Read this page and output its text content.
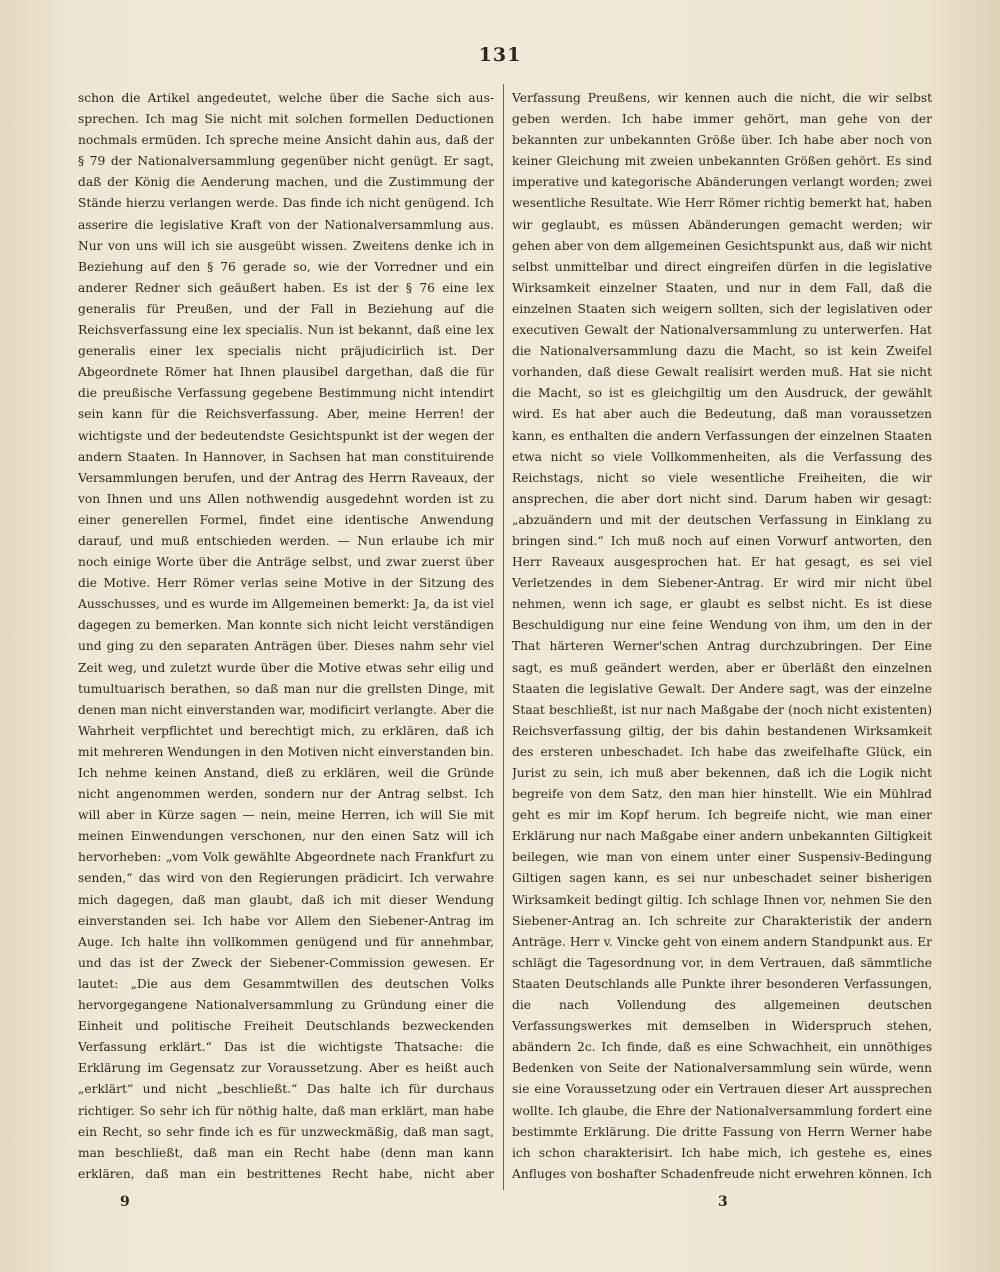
131

schon die Artikel angedeutet, welche über die Sache sich aus-sprechen. Ich mag Sie nicht mit solchen formellen Deductionen nochmals ermüden. Ich spreche meine Ansicht dahin aus, daß der § 79 der Nationalversammlung gegenüber nicht genügt. Er sagt, daß der König die Aenderung machen, und die Zustimmung der Stände hierzu verlangen werde. Das finde ich nicht genügend. Ich asserire die legislative Kraft von der Nationalversammlung aus. Nur von uns will ich sie ausgeübt wissen. Zweitens denke ich in Beziehung auf den § 76 gerade so, wie der Vorredner und ein anderer Redner sich geäußert haben. Es ist der § 76 eine lex generalis für Preußen, und der Fall in Beziehung auf die Reichsverfassung eine lex specialis. Nun ist bekannt, daß eine lex generalis einer lex specialis nicht präjudicirlich ist. Der Abgeordnete Römer hat Ihnen plausibel dargethan, daß die für die preußische Verfassung gegebene Bestimmung nicht intendirt sein kann für die Reichsverfassung. Aber, meine Herren! der wichtigste und der bedeutendste Gesichtspunkt ist der wegen der andern Staaten. In Hannover, in Sachsen hat man constituirende Versammlungen berufen, und der Antrag des Herrn Raveaux, der von Ihnen und uns Allen nothwendig ausgedehnt worden ist zu einer generellen Formel, findet eine identische Anwendung darauf, und muß entschieden werden. — Nun erlaube ich mir noch einige Worte über die Anträge selbst, und zwar zuerst über die Motive. Herr Römer verlas seine Motive in der Sitzung des Ausschusses, und es wurde im Allgemeinen bemerkt: Ja, da ist viel dagegen zu bemerken. Man konnte sich nicht leicht verständigen und ging zu den separaten Anträgen über. Dieses nahm sehr viel Zeit weg, und zuletzt wurde über die Motive etwas sehr eilig und tumultuarisch berathen, so daß man nur die grellsten Dinge, mit denen man nicht einverstanden war, modificirt verlangte. Aber die Wahrheit verpflichtet und berechtigt mich, zu erklären, daß ich mit mehreren Wendungen in den Motiven nicht einverstanden bin. Ich nehme keinen Anstand, dieß zu erklären, weil die Gründe nicht angenommen werden, sondern nur der Antrag selbst. Ich will aber in Kürze sagen — nein, meine Herren, ich will Sie mit meinen Einwendungen verschonen, nur den einen Satz will ich hervorheben: „vom Volk gewählte Abgeordnete nach Frankfurt zu senden,“ das wird von den Regierungen prädicirt. Ich verwahre mich dagegen, daß man glaubt, daß ich mit dieser Wendung einverstanden sei. Ich habe vor Allem den Siebener-Antrag im Auge. Ich halte ihn vollkommen genügend und für annehmbar, und das ist der Zweck der Siebener-Commission gewesen. Er lautet: „Die aus dem Gesammtwillen des deutschen Volks hervorgegangene Nationalversammlung zu Gründung einer die Einheit und politische Freiheit Deutschlands bezweckenden Verfassung erklärt.“ Das ist die wichtigste Thatsache: die Erklärung im Gegensatz zur Voraussetzung. Aber es heißt auch „erklärt“ und nicht „beschließt.“ Das halte ich für durchaus richtiger. So sehr ich für nöthig halte, daß man erklärt, man habe ein Recht, so sehr finde ich es für unzweckmäßig, daß man sagt, man beschließt, daß man ein Recht habe (denn man kann erklären, daß man ein bestrittenes Recht habe, nicht aber

Verfassung Preußens, wir kennen auch die nicht, die wir selbst geben werden. Ich habe immer gehört, man gehe von der bekannten zur unbekannten Größe über. Ich habe aber noch von keiner Gleichung mit zweien unbekannten Größen gehört. Es sind imperative und kategorische Abänderungen verlangt worden; zwei wesentliche Resultate. Wie Herr Römer richtig bemerkt hat, haben wir geglaubt, es müssen Abänderungen gemacht werden; wir gehen aber von dem allgemeinen Gesichtspunkt aus, daß wir nicht selbst unmittelbar und direct eingreifen dürfen in die legislative Wirksamkeit einzelner Staaten, und nur in dem Fall, daß die einzelnen Staaten sich weigern sollten, sich der legislativen oder executiven Gewalt der Nationalversammlung zu unterwerfen. Hat die Nationalversammlung dazu die Macht, so ist kein Zweifel vorhanden, daß diese Gewalt realisirt werden muß. Hat sie nicht die Macht, so ist es gleichgiltig um den Ausdruck, der gewählt wird. Es hat aber auch die Bedeutung, daß man voraussetzen kann, es enthalten die andern Verfassungen der einzelnen Staaten etwa nicht so viele Vollkommenheiten, als die Verfassung des Reichstags, nicht so viele wesentliche Freiheiten, die wir ansprechen, die aber dort nicht sind. Darum haben wir gesagt: „abzuändern und mit der deutschen Verfassung in Einklang zu bringen sind.“ Ich muß noch auf einen Vorwurf antworten, den Herr Raveaux ausgesprochen hat. Er hat gesagt, es sei viel Verletzendes in dem Siebener-Antrag. Er wird mir nicht übel nehmen, wenn ich sage, er glaubt es selbst nicht. Es ist diese Beschuldigung nur eine feine Wendung von ihm, um den in der That härteren Werner'schen Antrag durchzubringen. Der Eine sagt, es muß geändert werden, aber er überläßt den einzelnen Staaten die legislative Gewalt. Der Andere sagt, was der einzelne Staat beschließt, ist nur nach Maßgabe der (noch nicht existenten) Reichsverfassung giltig, der bis dahin bestandenen Wirksamkeit des ersteren unbeschadet. Ich habe das zweifelhafte Glück, ein Jurist zu sein, ich muß aber bekennen, daß ich die Logik nicht begreife von dem Satz, den man hier hinstellt. Wie ein Mühlrad geht es mir im Kopf herum. Ich begreife nicht, wie man einer Erklärung nur nach Maßgabe einer andern unbekannten Giltigkeit beilegen, wie man von einem unter einer Suspensiv-Bedingung Giltigen sagen kann, es sei nur unbeschadet seiner bisherigen Wirksamkeit bedingt giltig. Ich schlage Ihnen vor, nehmen Sie den Siebener-Antrag an. Ich schreite zur Charakteristik der andern Anträge. Herr v. Vincke geht von einem andern Standpunkt aus. Er schlägt die Tagesordnung vor, in dem Vertrauen, daß sämmtliche Staaten Deutschlands alle Punkte ihrer besonderen Verfassungen, die nach Vollendung des allgemeinen deutschen Verfassungswerkes mit demselben in Widerspruch stehen, abändern 2c. Ich finde, daß es eine Schwachheit, ein unnöthiges Bedenken von Seite der Nationalversammlung sein würde, wenn sie eine Voraussetzung oder ein Vertrauen dieser Art aussprechen wollte. Ich glaube, die Ehre der Nationalversammlung fordert eine bestimmte Erklärung. Die dritte Fassung von Herrn Werner habe ich schon charakterisirt. Ich habe mich, ich gestehe es, eines Anfluges von boshafter Schadenfreude nicht erwehren können. Ich

9	3
